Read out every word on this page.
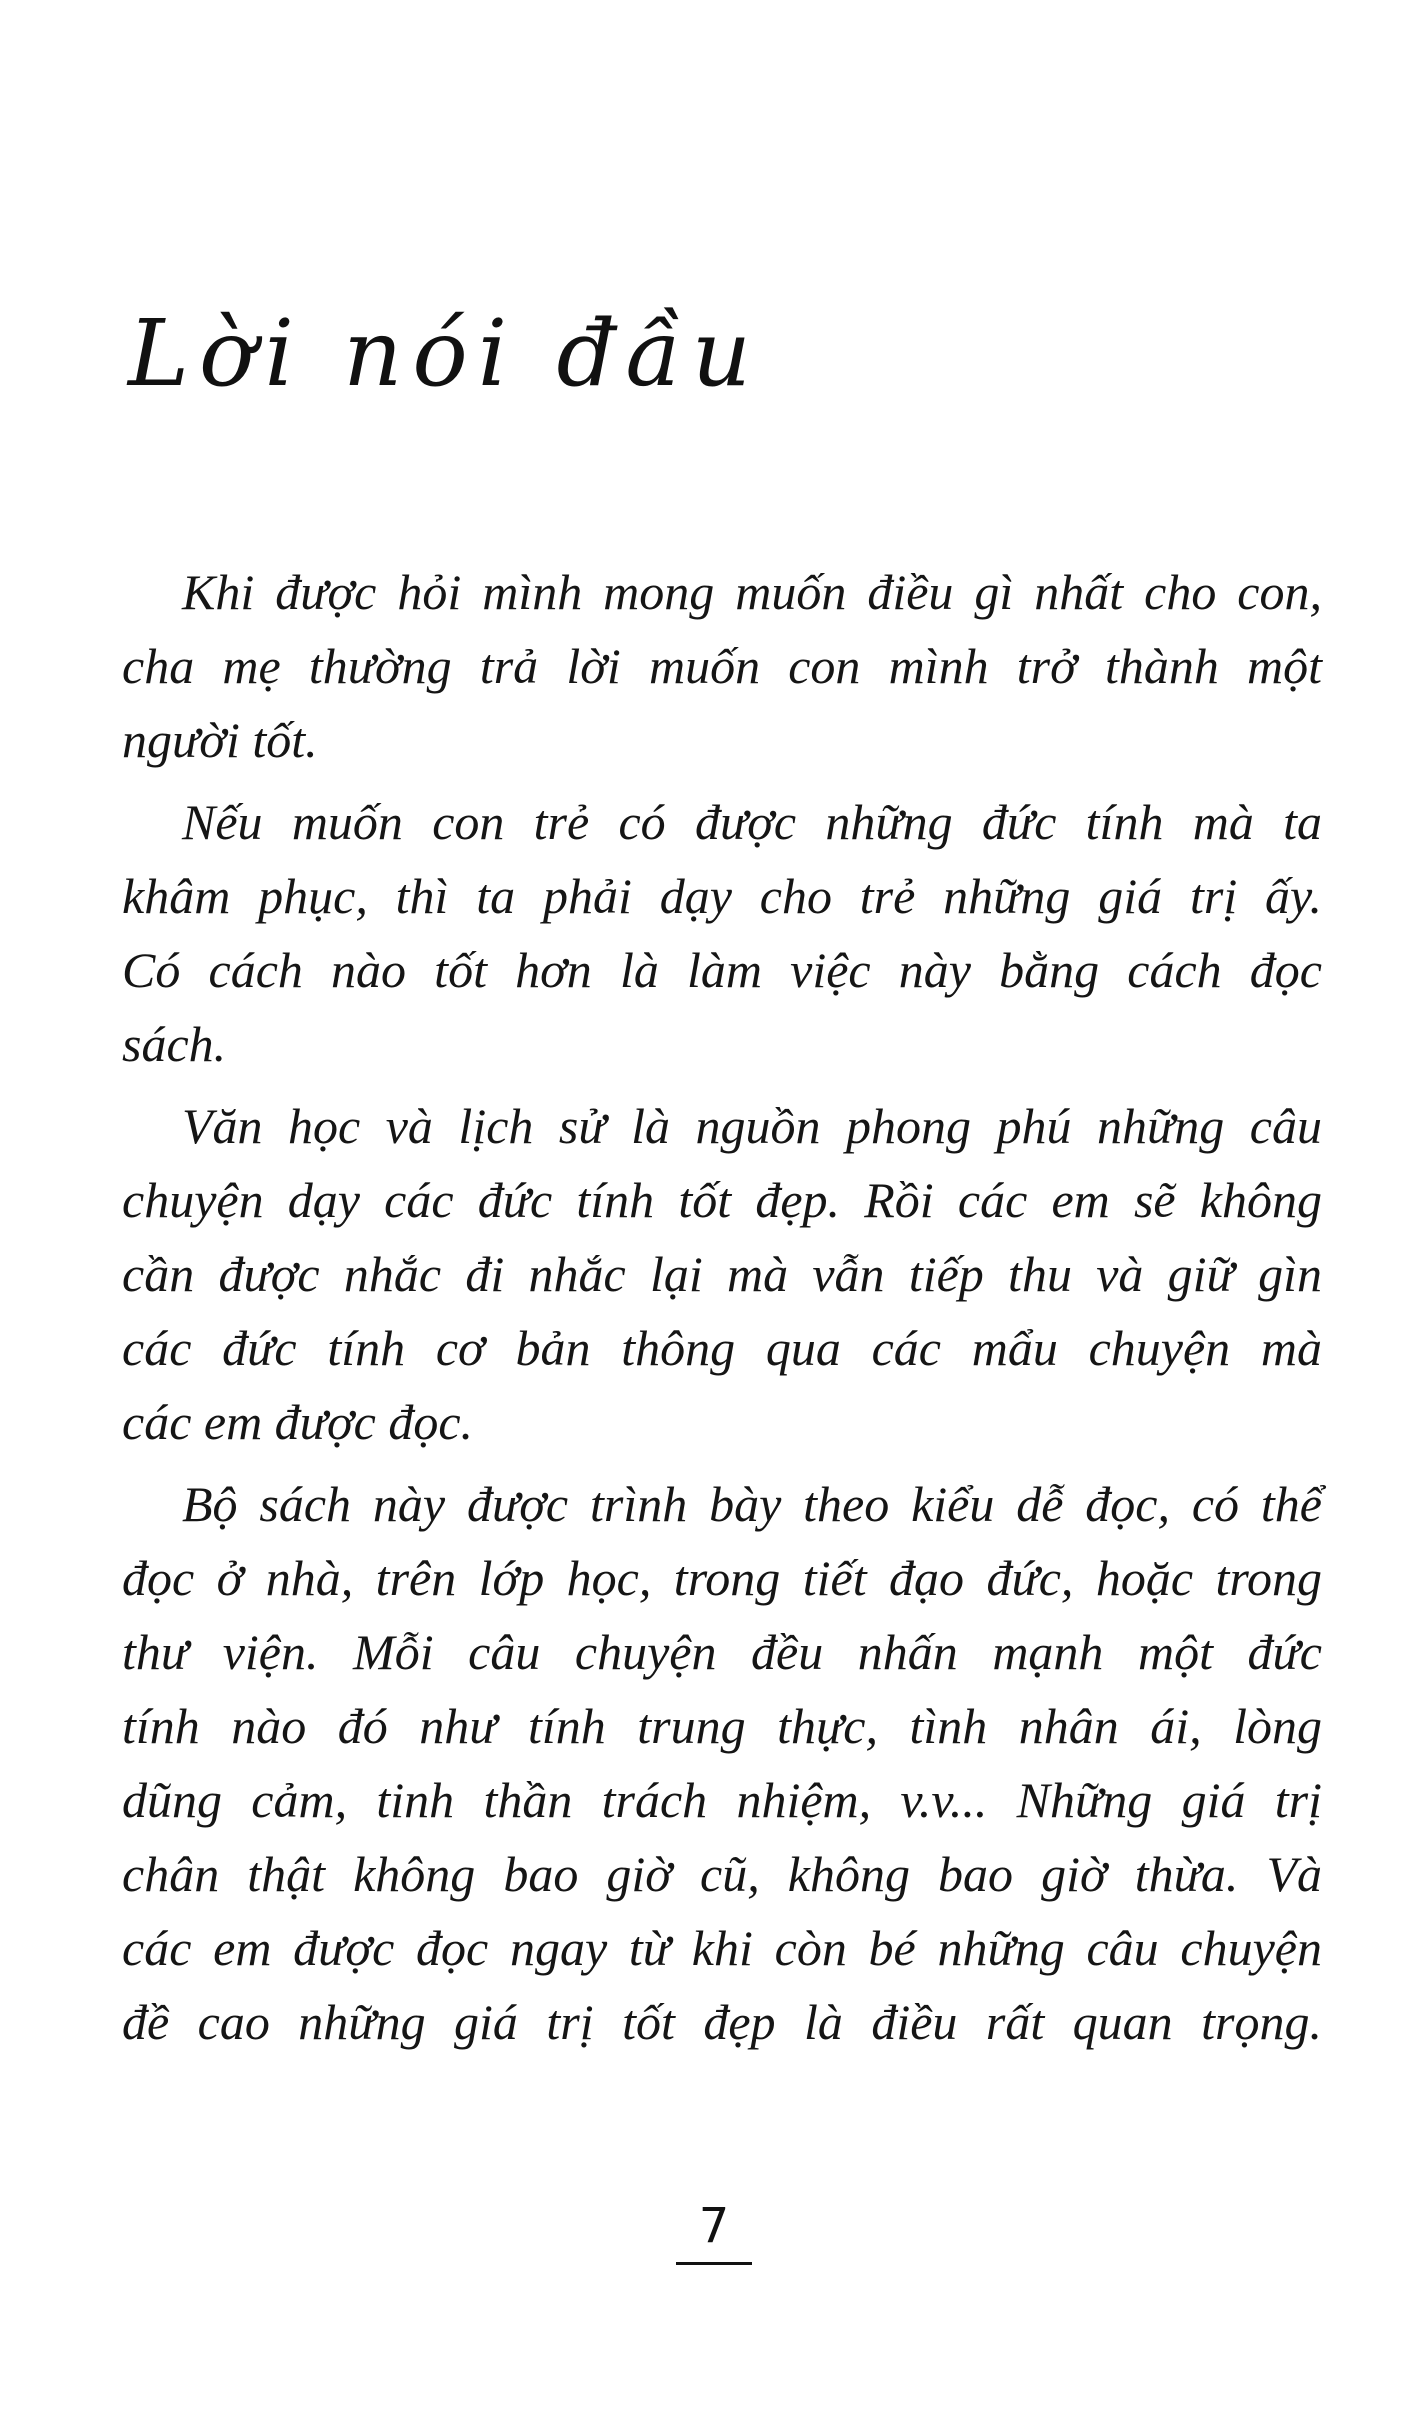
Lời nói đầu
Khi được hỏi mình mong muốn điều gì nhất cho con,
cha mẹ thường trả lời muốn con mình trở thành một
người tốt.
Nếu muốn con trẻ có được những đức tính mà ta
khâm phục, thì ta phải dạy cho trẻ những giá trị ấy.
Có cách nào tốt hơn là làm việc này bằng cách đọc
sách.
Văn học và lịch sử là nguồn phong phú những câu
chuyện dạy các đức tính tốt đẹp. Rồi các em sẽ không
cần được nhắc đi nhắc lại mà vẫn tiếp thu và giữ gìn
các đức tính cơ bản thông qua các mẩu chuyện mà
các em được đọc.
Bộ sách này được trình bày theo kiểu dễ đọc, có thể
đọc ở nhà, trên lớp học, trong tiết đạo đức, hoặc trong
thư viện. Mỗi câu chuyện đều nhấn mạnh một đức
tính nào đó như tính trung thực, tình nhân ái, lòng
dũng cảm, tinh thần trách nhiệm, v.v... Những giá trị
chân thật không bao giờ cũ, không bao giờ thừa. Và
các em được đọc ngay từ khi còn bé những câu chuyện
đề cao những giá trị tốt đẹp là điều rất quan trọng.
7
